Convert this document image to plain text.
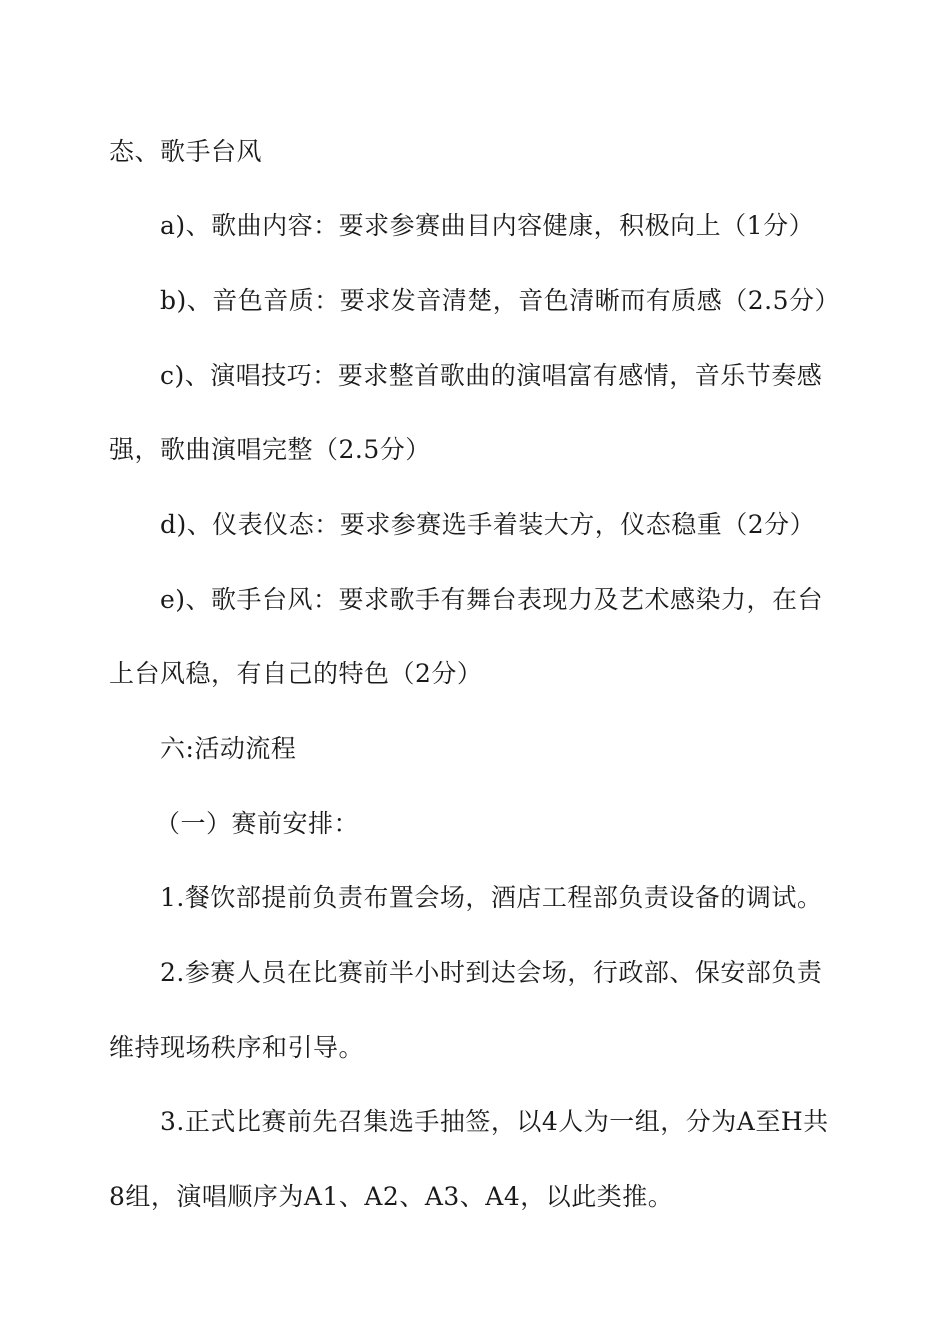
态、歌手台风
a)、歌曲内容：要求参赛曲目内容健康，积极向上（1分）
b)、音色音质：要求发音清楚，音色清晰而有质感（2.5分）
c)、演唱技巧：要求整首歌曲的演唱富有感情，音乐节奏感
强，歌曲演唱完整（2.5分）
d)、仪表仪态：要求参赛选手着装大方，仪态稳重（2分）
e)、歌手台风：要求歌手有舞台表现力及艺术感染力，在台
上台风稳，有自己的特色（2分）
六:活动流程
（一）赛前安排：
1.餐饮部提前负责布置会场，酒店工程部负责设备的调试。
2.参赛人员在比赛前半小时到达会场，行政部、保安部负责
维持现场秩序和引导。
3.正式比赛前先召集选手抽签，以4人为一组，分为A至H共
8组，演唱顺序为A1、A2、A3、A4，以此类推。
